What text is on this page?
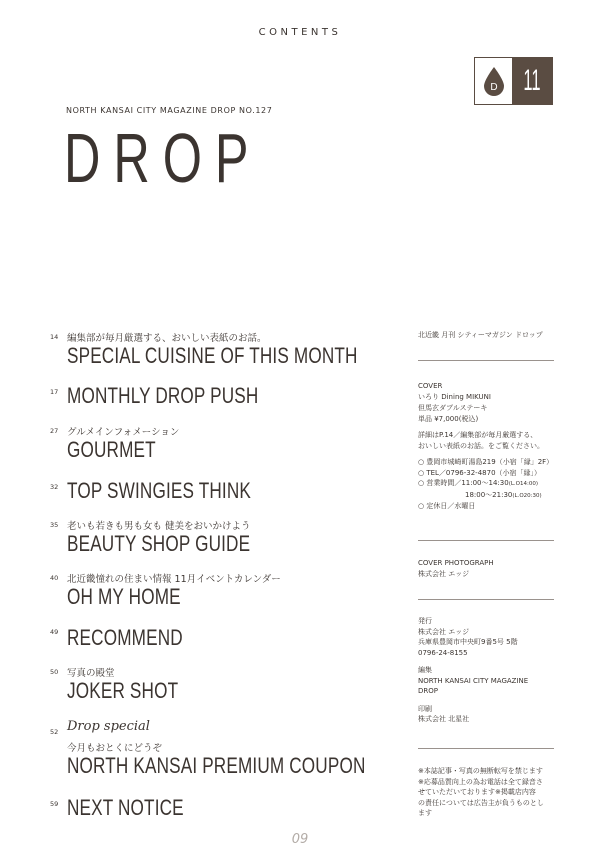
CONTENTS
D 11
NORTH KANSAI CITY MAGAZINE DROP NO.127
DROP
14 編集部が毎月厳選する、おいしい表紙のお話。
SPECIAL CUISINE OF THIS MONTH
17 MONTHLY DROP PUSH
27 グルメインフォメーション
GOURMET
32 TOP SWINGIES THINK
35 老いも若きも男も女も 健美をおいかけよう
BEAUTY SHOP GUIDE
40 北近畿憧れの住まい情報 11月イベントカレンダー
OH MY HOME
49 RECOMMEND
50 写真の殿堂
JOKER SHOT
52 Drop special
今月もおとくにどうぞ
NORTH KANSAI PREMIUM COUPON
59 NEXT NOTICE

北近畿 月刊 シティーマガジン ドロップ

COVER

いろり Dining MIKUNI

但馬玄ダブルステーキ

単品 ¥7,000(税込)

詳細はP.14／編集部が毎月厳選する、

おいしい表紙のお話。をご覧ください。

○ 豊岡市城崎町湯島219（小宿「縁」2F）

○ TEL／0796-32-4870（小宿「縁」）

○ 営業時間／11:00～14:30(L.O14:00)

18:00～21:30(L.O20:30)

○ 定休日／水曜日

COVER PHOTOGRAPH

株式会社 エッジ

発行

株式会社 エッジ

兵庫県豊岡市中央町9番5号 5階

0796-24-8155

編集

NORTH KANSAI CITY MAGAZINE

DROP

印刷

株式会社 北星社

※本誌記事・写真の無断転写を禁じます

※応募品質向上の為お電話は全て録音さ

せていただいております※掲載店内容

の責任については広告主が負うものとし

ます

09
